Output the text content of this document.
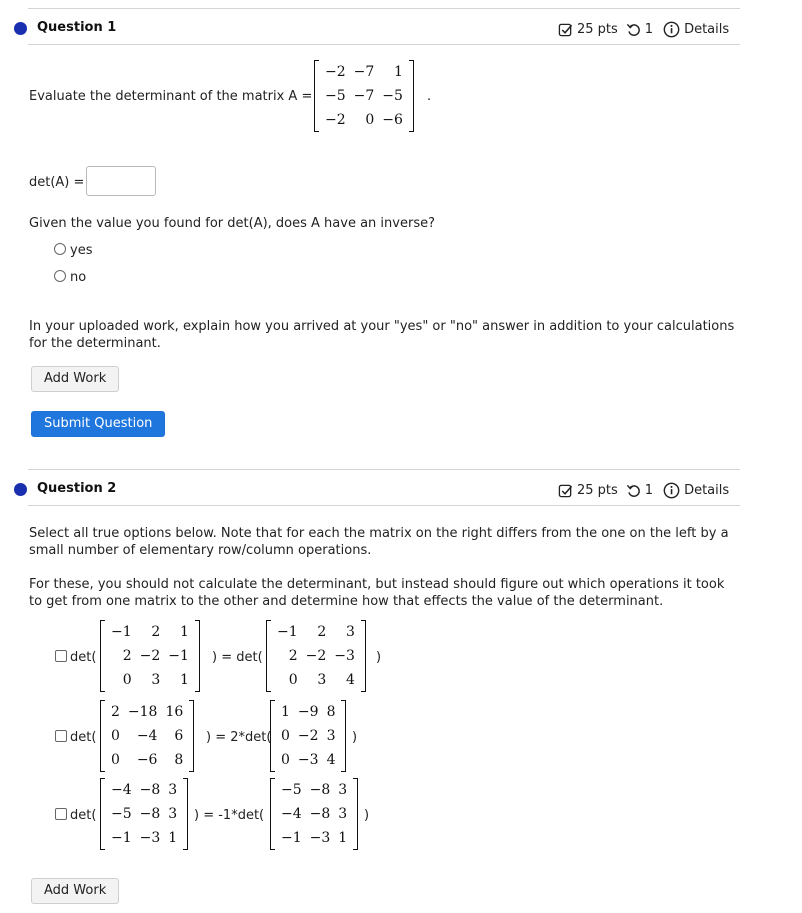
Question 1	25 pts 1 Details
Evaluate the determinant of the matrix A =
−2	−7	1
−5	−7	−5
−2	0	−6
.
det(A) =
Given the value you found for det(A), does A have an inverse?
yes
no
In your uploaded work, explain how you arrived at your "yes" or "no" answer in addition to your calculations for the determinant.
Add Work
Submit Question
Question 2	25 pts 1 Details
Select all true options below. Note that for each the matrix on the right differs from the one on the left by a small number of elementary row/column operations.
For these, you should not calculate the determinant, but instead should figure out which operations it took to get from one matrix to the other and determine how that effects the value of the determinant.
det(
−1	2	1
2	−2	−1
0	3	1
) = det(
−1	2	3
2	−2	−3
0	3	4
)
det(
2	−18	16
0	−4	6
0	−6	8
) = 2*det(
1	−9	8
0	−2	3
0	−3	4
)
det(
−4	−8	3
−5	−8	3
−1	−3	1
) = -1*det(
−5	−8	3
−4	−8	3
−1	−3	1
)
Add Work
